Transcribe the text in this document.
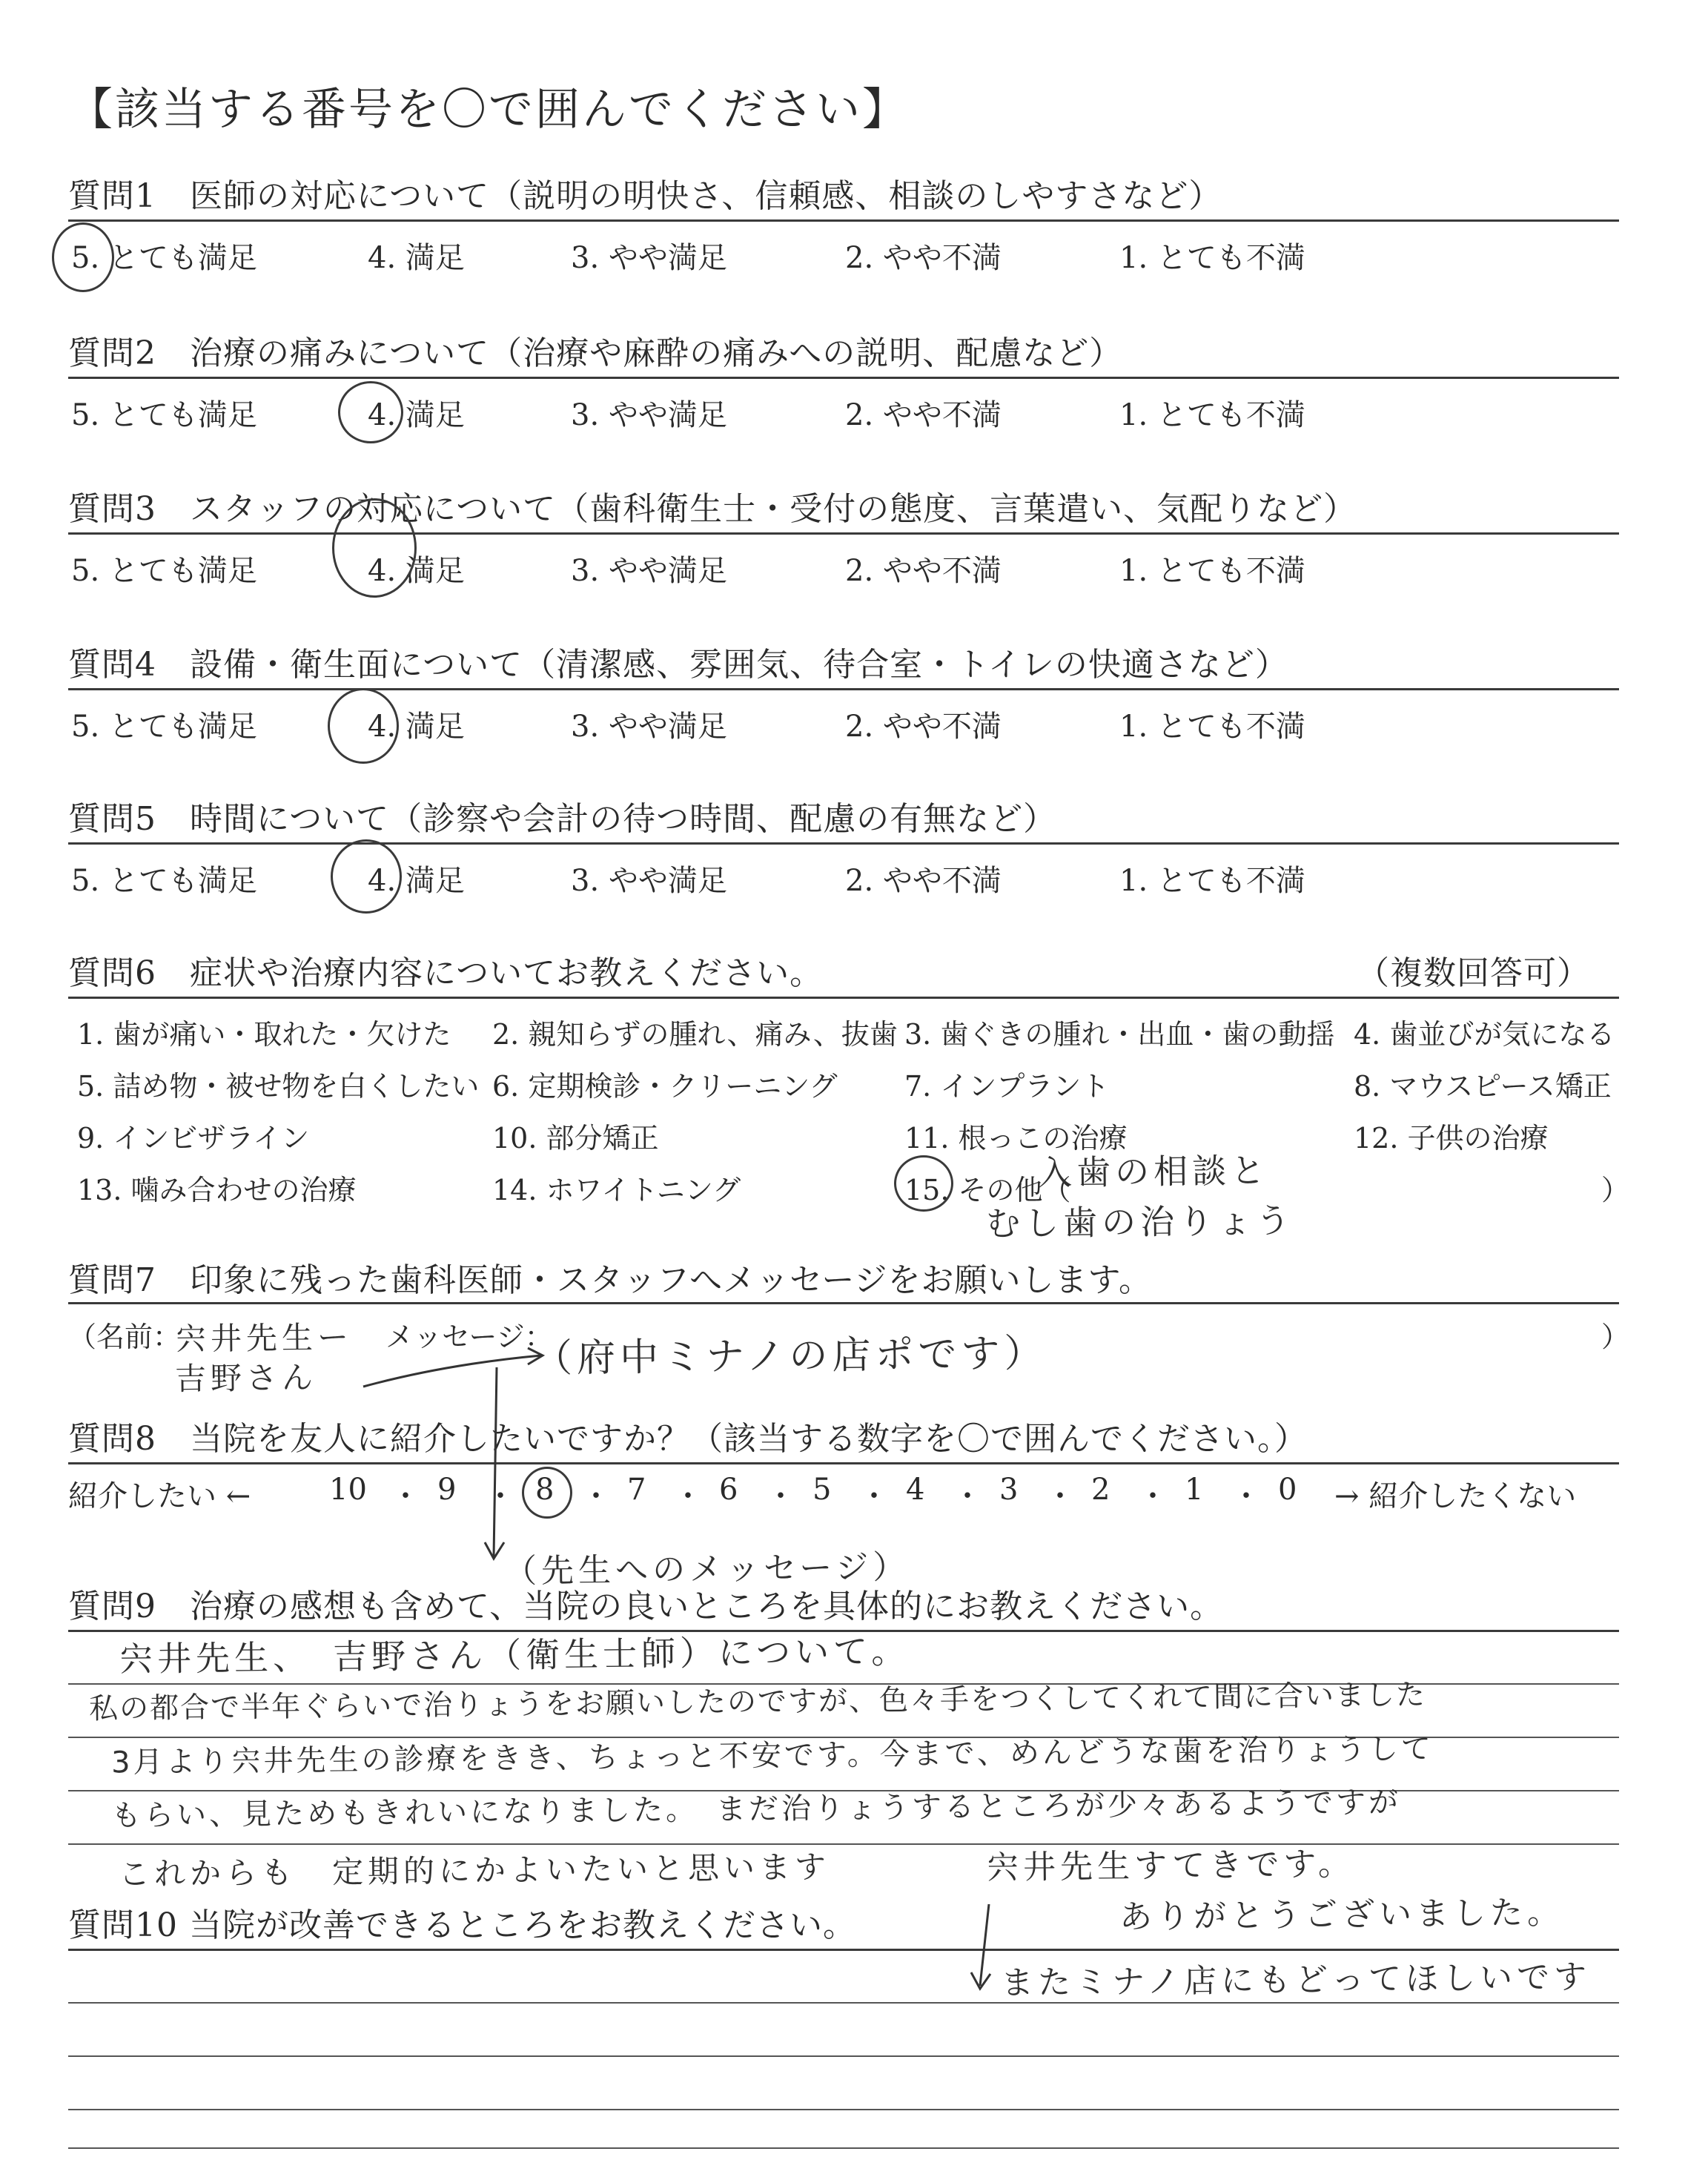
【該当する番号を〇で囲んでください】
質問1　医師の対応について（説明の明快さ、信頼感、相談のしやすさなど）
5. とても満足	4. 満足	3. やや満足	2. やや不満	1. とても不満
質問2　治療の痛みについて（治療や麻酔の痛みへの説明、配慮など）
5. とても満足	4. 満足	3. やや満足	2. やや不満	1. とても不満
質問3　スタッフの対応について（歯科衛生士・受付の態度、言葉遣い、気配りなど）
5. とても満足	4. 満足	3. やや満足	2. やや不満	1. とても不満
質問4　設備・衛生面について（清潔感、雰囲気、待合室・トイレの快適さなど）
5. とても満足	4. 満足	3. やや満足	2. やや不満	1. とても不満
質問5　時間について（診察や会計の待つ時間、配慮の有無など）
5. とても満足	4. 満足	3. やや満足	2. やや不満	1. とても不満
質問6　症状や治療内容についてお教えください。	（複数回答可）
1. 歯が痛い・取れた・欠けた 2. 親知らずの腫れ、痛み、抜歯 3. 歯ぐきの腫れ・出血・歯の動揺 4. 歯並びが気になる
5. 詰め物・被せ物を白くしたい 6. 定期検診・クリーニング 7. インプラント	8. マウスピース矯正
9. インビザライン	10. 部分矯正	11. 根っこの治療	12. 子供の治療
13. 噛み合わせの治療	14. ホワイトニング	15. その他（	）
入歯の相談と
むし歯の治りょう
質問7　印象に残った歯科医師・スタッフへメッセージをお願いします。
（名前：	メッセージ：	）
宍井先生ー
吉野さん	（府中ミナノの店ポです）
質問8　当院を友人に紹介したいですか？（該当する数字を〇で囲んでください。）
紹介したい ←	10 9	8 7 6	5	4	3 2	1	0
・ ・ ・ ・ ・ ・ ・ ・ ・ ・ → 紹介したくない
（先生へのメッセージ）
質問9　治療の感想も含めて、当院の良いところを具体的にお教えください。
宍井先生、　吉野さん（衛生士師）について。
私の都合で半年ぐらいで治りょうをお願いしたのですが、色々手をつくしてくれて間に合いました
3月より宍井先生の診療をきき、ちょっと不安です。今まで、めんどうな歯を治りょうして
もらい、見ためもきれいになりました。　まだ治りょうするところが少々あるようですが
これからも　定期的にかよいたいと思います	宍井先生すてきです。
ありがとうございました。
質問10 当院が改善できるところをお教えください。
またミナノ店にもどってほしいです
